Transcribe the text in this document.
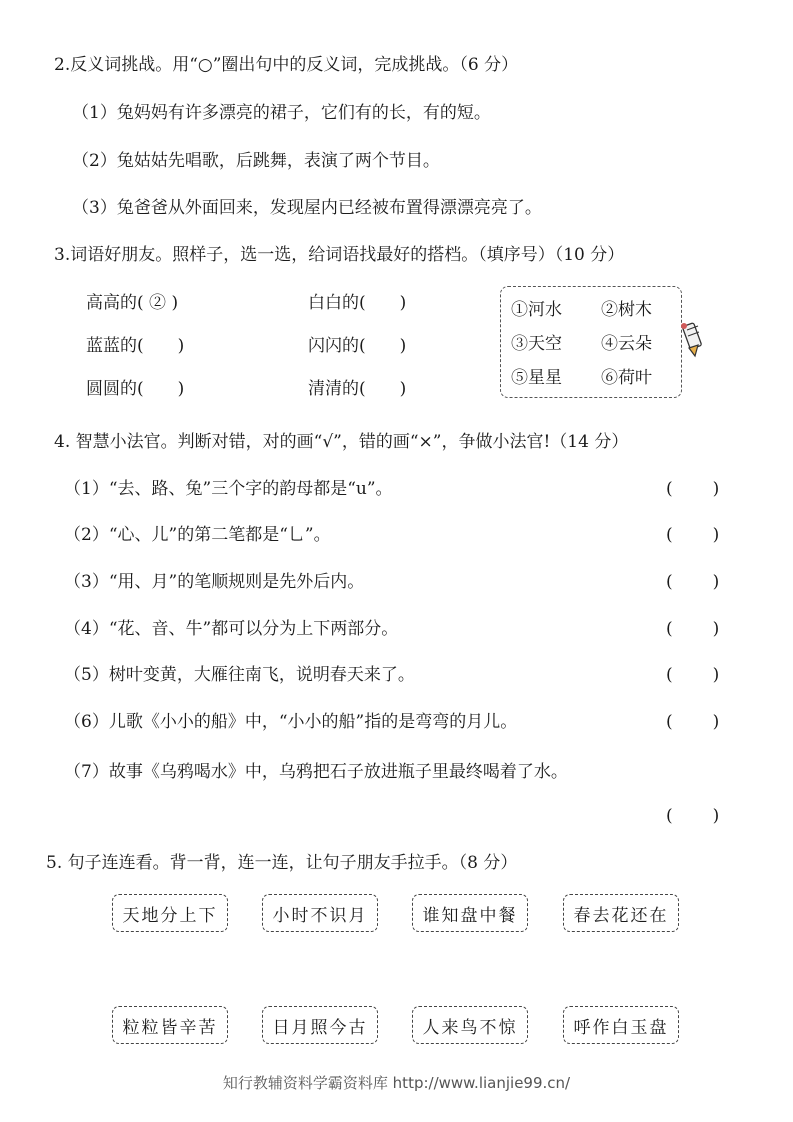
2.反义词挑战。用“○”圈出句中的反义词，完成挑战。（6 分）
（1）兔妈妈有许多漂亮的裙子，它们有的长，有的短。
（2）兔姑姑先唱歌，后跳舞，表演了两个节目。
（3）兔爸爸从外面回来，发现屋内已经被布置得漂漂亮亮了。
3.词语好朋友。照样子，选一选，给词语找最好的搭档。（填序号）（10 分）
高高的( ② )	白白的(　　)
蓝蓝的(　　)	闪闪的(　　)
圆圆的(　　)	清清的(　　)
①河水 ②树木
③天空 ④云朵
⑤星星 ⑥荷叶
4. 智慧小法官。判断对错，对的画“√”，错的画“×”，争做小法官!（14 分）
（1）“去、路、兔”三个字的韵母都是“u”。	(　　)
（2）“心、儿”的第二笔都是“乚”。	(　　)
（3）“用、月”的笔顺规则是先外后内。	(　　)
（4）“花、音、牛”都可以分为上下两部分。	(　　)
（5）树叶变黄，大雁往南飞，说明春天来了。	(　　)
（6）儿歌《小小的船》中，“小小的船”指的是弯弯的月儿。	(　　)
（7）故事《乌鸦喝水》中，乌鸦把石子放进瓶子里最终喝着了水。
(　　)
5. 句子连连看。背一背，连一连，让句子朋友手拉手。（8 分）
天地分上下	小时不识月	谁知盘中餐	春去花还在
粒粒皆辛苦	日月照今古	人来鸟不惊	呼作白玉盘
知行教辅资料学霸资料库 http://www.lianjie99.cn/
